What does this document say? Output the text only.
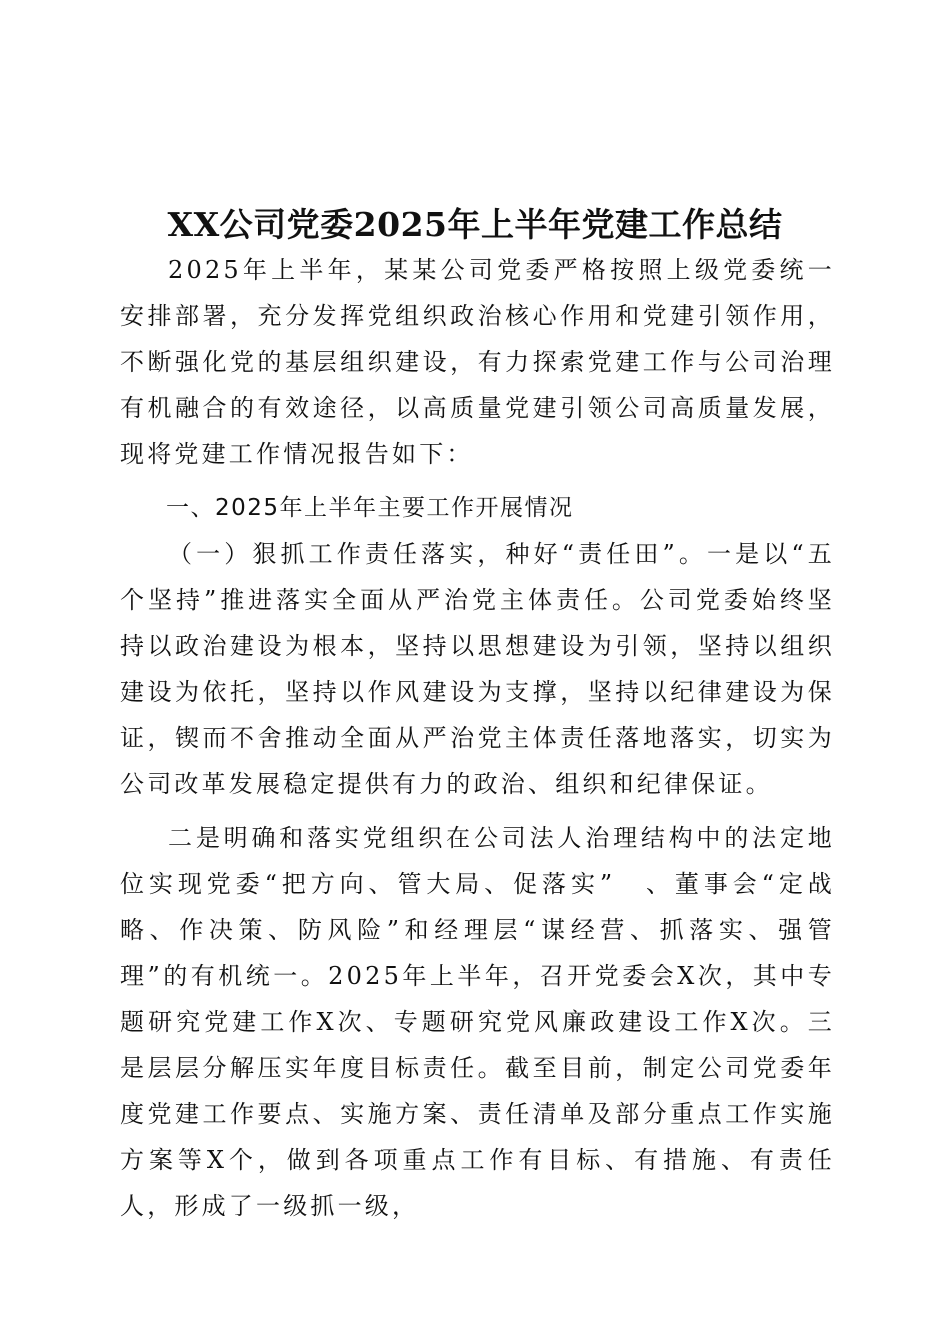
XX公司党委2025年上半年党建工作总结

2025年上半年，某某公司党委严格按照上级党委统一安排部署，充分发挥党组织政治核心作用和党建引领作用，不断强化党的基层组织建设，有力探索党建工作与公司治理有机融合的有效途径，以高质量党建引领公司高质量发展，现将党建工作情况报告如下：

一、2025年上半年主要工作开展情况

（一）狠抓工作责任落实，种好“责任田”。一是以“五个坚持”推进落实全面从严治党主体责任。公司党委始终坚持以政治建设为根本，坚持以思想建设为引领，坚持以组织建设为依托，坚持以作风建设为支撑，坚持以纪律建设为保证，锲而不舍推动全面从严治党主体责任落地落实，切实为公司改革发展稳定提供有力的政治、组织和纪律保证。

二是明确和落实党组织在公司法人治理结构中的法定地位实现党委“把方向、管大局、促落实”　、董事会“定战略、作决策、防风险”和经理层“谋经营、抓落实、强管理”的有机统一。2025年上半年，召开党委会X次，其中专题研究党建工作X次、专题研究党风廉政建设工作X次。三是层层分解压实年度目标责任。截至目前，制定公司党委年度党建工作要点、实施方案、责任清单及部分重点工作实施方案等X个，做到各项重点工作有目标、有措施、有责任人，形成了一级抓一级，
